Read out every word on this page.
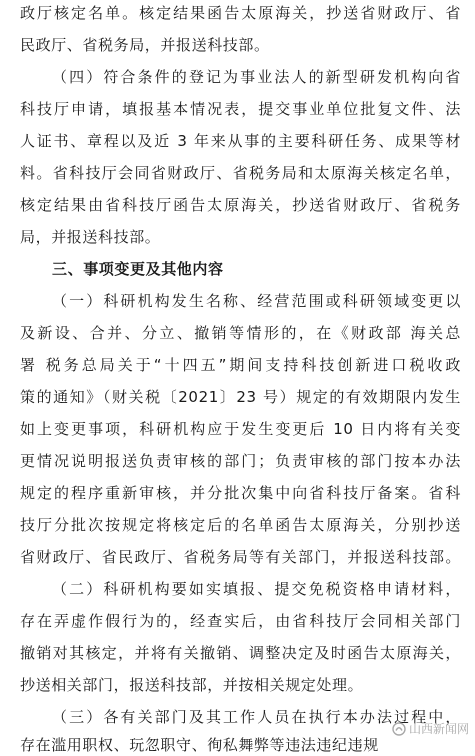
政厅核定名单。核定结果函告太原海关，抄送省财政厅、省
民政厅、省税务局，并报送科技部。
（四）符合条件的登记为事业法人的新型研发机构向省
科技厅申请，填报基本情况表，提交事业单位批复文件、法
人证书、章程以及近 3 年来从事的主要科研任务、成果等材
料。省科技厅会同省财政厅、省税务局和太原海关核定名单，
核定结果由省科技厅函告太原海关，抄送省财政厅、省税务
局，并报送科技部。
三、事项变更及其他内容
（一）科研机构发生名称、经营范围或科研领域变更以
及新设、合并、分立、撤销等情形的，在《财政部 海关总
署 税务总局关于“十四五”期间支持科技创新进口税收政
策的通知》（财关税〔2021〕23 号）规定的有效期限内发生
如上变更事项，科研机构应于发生变更后 10 日内将有关变
更情况说明报送负责审核的部门；负责审核的部门按本办法
规定的程序重新审核，并分批次集中向省科技厅备案。省科
技厅分批次按规定将核定后的名单函告太原海关，分别抄送
省财政厅、省民政厅、省税务局等有关部门，并报送科技部。
（二）科研机构要如实填报、提交免税资格申请材料，
存在弄虚作假行为的，经查实后，由省科技厅会同相关部门
撤销对其核定，并将有关撤销、调整决定及时函告太原海关，
抄送相关部门，报送科技部，并按相关规定处理。
（三）各有关部门及其工作人员在执行本办法过程中，
存在滥用职权、玩忽职守、徇私舞弊等违法违纪违规
山西新闻网
